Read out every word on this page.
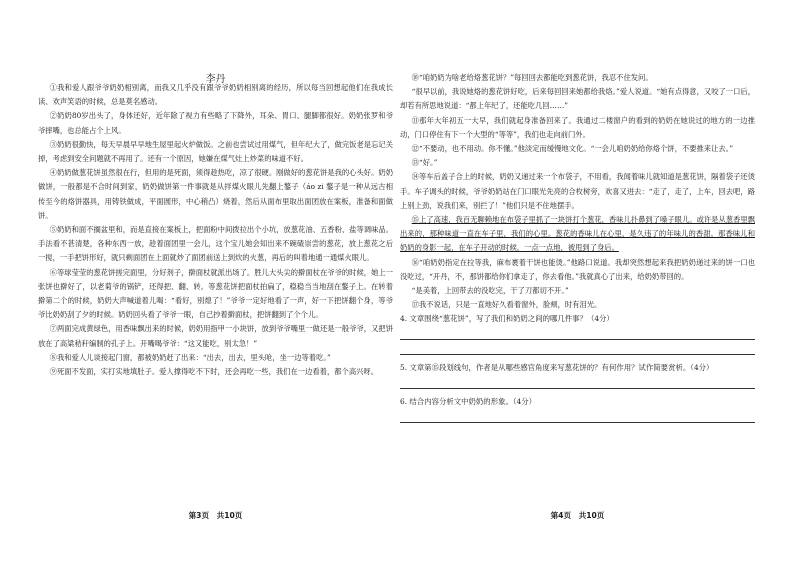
李丹

①我和爱人跟爷爷奶奶相别离，而我又几乎没有跟爷爷奶奶相别离的经历，所以每当回想起他们在我成长读、欢声笑语的时候，总是莫名感动。

②奶奶80岁出头了，身体还好，近年除了视力有些略了下降外，耳朵、胃口、腿脚都很好。奶奶张罗和爷爷摔嘴，也总能占个上风。

③奶奶很勤快，每天早晨早早地生屋里起火炉做饭。之前也尝试过用煤气，但年纪大了，做完饭老是忘记关掉，考虑到安全问题就不再用了。还有一个原因，她嫌在煤气灶上炒菜的味道不好。

④奶奶做葱花饼虽然很在行，但用的是死面，须得趁热吃，凉了很硬。刚做好的葱花饼是我的心头好。奶奶做饼，一般都是不合时间到家，奶奶做饼第一件事就是从拌煤火眼儿先翻上鏊子（áo zi 鏊子是一种从远古相传至今的烙饼器具，用铸铁做成，平面圆形，中心稍凸）烧着，然后从面布里取出面团放在案板，准备和面做饼。

⑤奶奶和面不搁盆里和，而是直接在案板上，把面粉中间拨拉出个小坑，放葱花油、五香粉、盐等调味品。手法看不甚清楚，各种东西一放，趁着面团里一会儿，这个宝儿她会知出来不碗碴崇尝的葱花，放上葱花之后一搅，一手把饼形好，就只剩面团在上面就炒了面团前送上到炊的火葱，再后的叫着地通一通煤火眼儿。

⑥等球莹莹的葱花饼搓完面里，分好剂子，擀面杖就派出场了。胜儿大头尖的擀面杖在爷爷的时候，她上一张饼也擀好了，以老菊爷的锅铲，还得把、翻、转。等葱花饼把面杖拍扁了，稳稳当当地刮在鏊子上。在转着擀第二个的时候，奶奶大声喊道着儿喝：“看好，别熄了！”爷爷一定好地看了一声，好一下把饼翻个身，等爷爷比奶奶刮了夕的时候。奶奶回头看了爷爷一眼，自己抄着擀面杖，把饼翻到了个个儿。

⑦两面完成黄绿色，用香味飘出来的时候，奶奶用指甲一小块饼，放到爷爷嘴里一做还是一般爷爷，又把饼放在了高粱秸秆编制的孔子上。开嘴喝爷爷：“这又能吃，别太急！”

⑧我和爱人儿谈接起门窗，都被奶奶赶了出来：“出去，出去，里头呛，坐一边等着吃。”

⑨死面不发面，实打实地填肚子。爱人撑得吃不下时，还会再吃一些，我们在一边看着，都个高兴呀。

第3页　共10页

⑩“咱奶奶为啥老给烙葱花饼？”每回回去都能吃到葱花饼，我忍不住发问。

“很早以前，我说她烙的葱花饼好吃，后来每回回来她都给我烙。”爱人说道。“她有点得意，又咬了一口后，却若有所思地说道：“都上年纪了，还能吃几回……”

⑪那年大年初五一大早，我们就起身准备回来了。我通过二楼窗户的看到的奶奶在她说过的地方的一边推动，门口停住有下一个大型的“等等”，我们也走向前门外。

⑫“不要动，也不用动。你不懂。”他淡定而缓慢地文化。“一会儿咱奶奶给你烙个饼，不要推来让去。”

⑬“好。”

⑭等车后盖子合上的时候，奶奶又递过来一个布袋子，不用看，我闻着味儿就知道是葱花饼，隔着袋子还烫手。车子调头的时候，爷爷奶奶站在门口眼光先亮的合枚树旁，欢喜又进去：“走了，走了，上车，回去吧，路上别上劲，说我们来，别拦了！”他们只是不住地摆手。

⑮上了高速，我百无聊赖地在布袋子里抓了一块饼打个葱花，香味儿扑鼻到了嗓子眼儿。或许是从葱香里飘出来的，那种味道一直在车子里，我们的心里。葱花的香味儿在心里，是久违了的年味儿的香甜，那香味儿和奶奶的身影一起，在车子开动的时候，一点一点地，被甩到了身后。

⑯“咱奶奶指定在拉等我，麻布裹着干饼也能烫。”他路口说道。我却突然想起来我把奶奶递过来的饼一口也没吃过，“开丹，不，那饼都给你们拿走了，你去看他。”我就真心了出来，给奶奶带回的。

“是美着，上回带去的没吃完，干了刀都切不开。”

⑰我不说话，只是一直地好久看着窗外，脸颊，时有泪光。

4. 文章围绕“葱花饼”，写了我们和奶奶之间的哪几件事？（4分）

5. 文章第⑮段划线句，作者是从哪些感官角度来写葱花饼的？有何作用？试作简要赏析。（4分）

6. 结合内容分析文中奶奶的形象。（4分）

第4页　共10页
